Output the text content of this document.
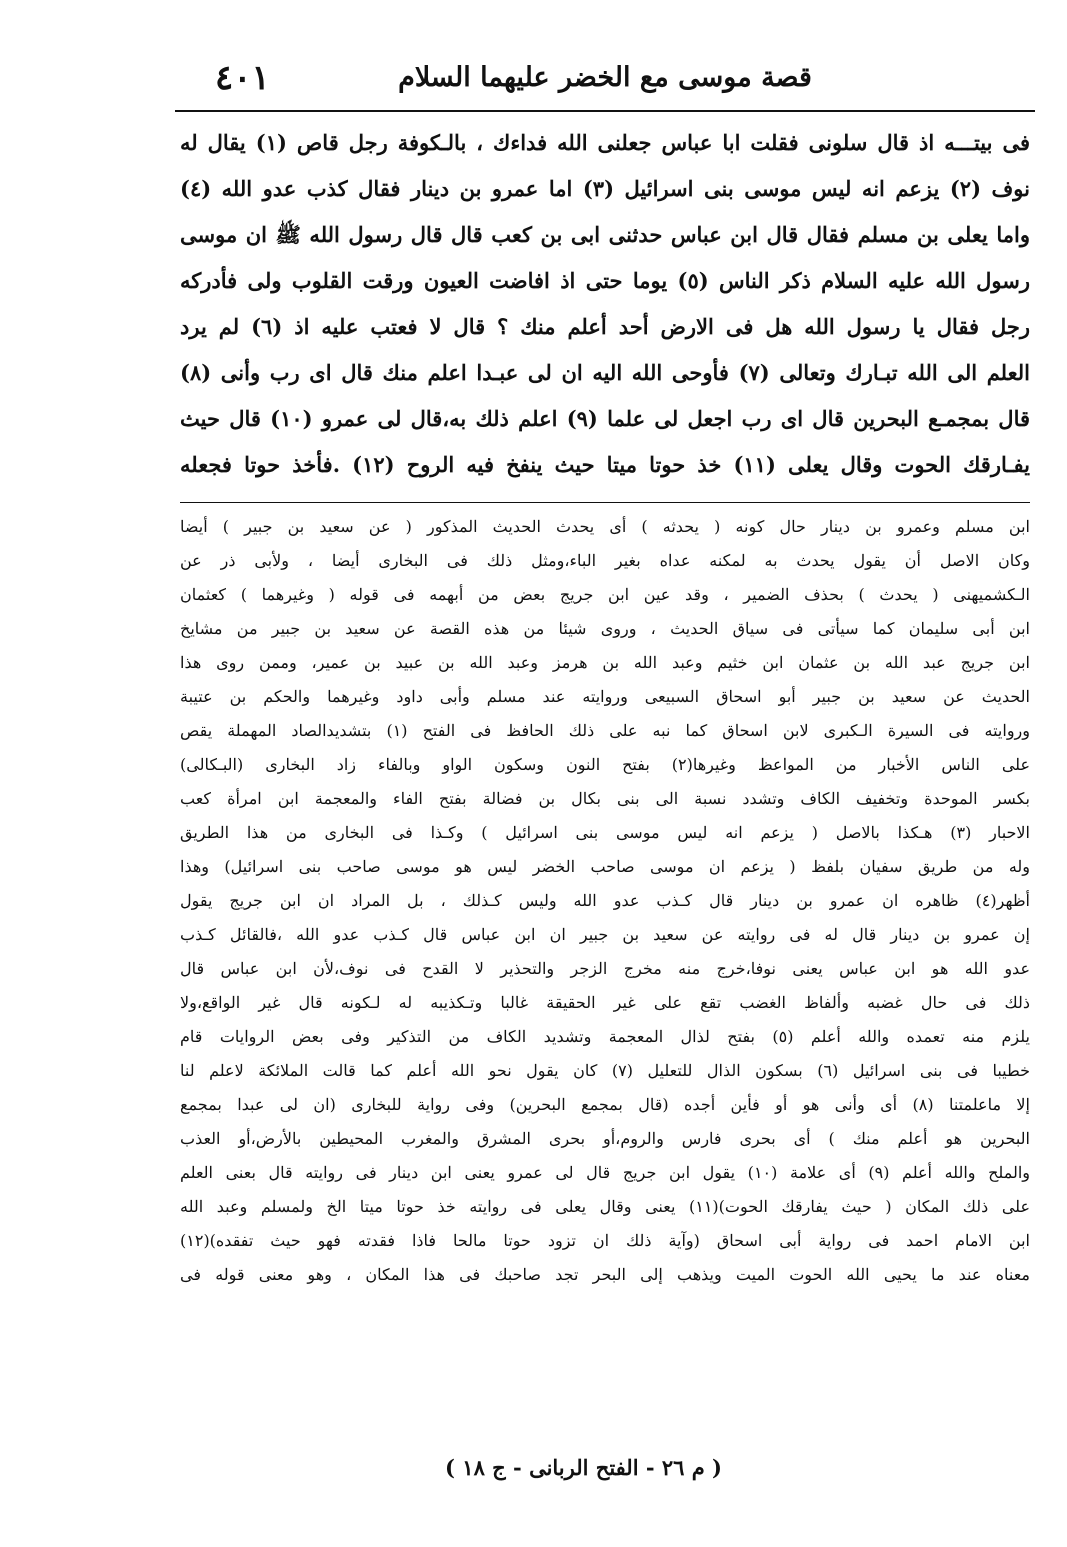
قصة موسى مع الخضر عليهما السلام
٤٠١
فى بيتـــه اذ قال سلونى فقلت ابا عباس جعلنى الله فداءك ، بالـكوفة رجل قاص (١) يقال له
نوف (٢) يزعم انه ليس موسى بنى اسرائيل (٣) اما عمرو بن دينار فقال كذب عدو الله (٤)
واما يعلى بن مسلم فقال قال ابن عباس حدثنى ابى بن كعب قال قال رسول الله ﷺ ان موسى
رسول الله عليه السلام ذكر الناس (٥) يوما حتى اذ افاضت العيون ورقت القلوب ولى فأدركه
رجل فقال يا رسول الله هل فى الارض أحد أعلم منك ؟ قال لا فعتب عليه اذ (٦) لم يرد
العلم الى الله تبـارك وتعالى (٧) فأوحى الله اليه ان لى عبـدا اعلم منك قال اى رب وأنى (٨)
قال بمجمـع البحرين قال اى رب اجعل لى علما (٩) اعلم ذلك به،قال لى عمرو (١٠) قال حيث
يفـارقك الحوت وقال يعلى (١١) خذ حوتا ميتا حيث ينفخ فيه الروح (١٢) .فأخذ حوتا فجعله
ابن مسلم وعمرو بن دينار حال كونه ( يحدثه ) أى يحدث الحديث المذكور ( عن سعيد بن جبير ) أيضا
وكان الاصل أن يقول يحدث به لمكنه عداه بغير الباء،ومثل ذلك فى البخارى أيضا ، ولأبى ذر عن
الـكشميهنى ( يحدث ) بحذف الضمير ، وقد عين ابن جريج بعض من أبهمه فى قوله ( وغيرهما ) كعثمان
ابن أبى سليمان كما سيأتى فى سياق الحديث ، وروى شيئا من هذه القصة عن سعيد بن جبير من مشايخ
ابن جريج عبد الله بن عثمان ابن خثيم وعبد الله بن هرمز وعبد الله بن عبيد بن عمير، وممن روى هذا
الحديث عن سعيد بن جبير أبو اسحاق السبيعى وروايته عند مسلم وأبى داود وغيرهما والحكم بن عتيبة
وروايته فى السيرة الـكبرى لابن اسحاق كما نبه على ذلك الحافظ فى الفتح (١) بتشديدالصاد المهملة يقص
على الناس الأخبار من المواعظ وغيرها(٢) بفتح النون وسكون الواو وبالفاء زاد البخارى (البـكالى)
بكسر الموحدة وتخفيف الكاف وتشدد نسبة الى بنى بكال بن فضالة بفتح الفاء والمعجمة ابن امرأة كعب
الاحبار (٣) هـكذا بالاصل ( يزعم انه ليس موسى بنى اسرائيل ) وكـذا فى البخارى من هذا الطريق
وله من طريق سفيان بلفظ ( يزعم ان موسى صاحب الخضر ليس هو موسى صاحب بنى اسرائيل) وهذا
أظهر(٤) ظاهره ان عمرو بن دينار قال كـذب عدو الله وليس كـذلك ، بل المراد ان ابن جريج يقول
إن عمرو بن دينار قال له فى روايته عن سعيد بن جبير ان ابن عباس قال كـذب عدو الله ،فالقائل كـذب
عدو الله هو ابن عباس يعنى نوفا،خرج منه مخرج الزجر والتحذير لا القدح فى نوف،لأن ابن عباس قال
ذلك فى حال غضبه وألفاظ الغضب تقع على غير الحقيقة غالبا وتـكذيبه له لـكونه قال غير الواقع،ولا
يلزم منه تعمده والله أعلم (٥) بفتح لذال المعجمة وتشديد الكاف من التذكير وفى بعض الروايات قام
خطيبا فى بنى اسرائيل (٦) بسكون الذال للتعليل (٧) كان يقول نحو الله أعلم كما قالت الملائكة لاعلم لنا
إلا ماعلمتنا (٨) أى وأنى هو أو فأين أجده (قال بمجمع البحرين) وفى رواية للبخارى (ان لى عبدا بمجمع
البحرين هو أعلم منك ) أى بحرى فارس والروم،أو بحرى المشرق والمغرب المحيطين بالأرض،أو العذب
والملح والله أعلم (٩) أى علامة (١٠) يقول ابن جريج قال لى عمرو يعنى ابن دينار فى روايته قال بعنى العلم
على ذلك المكان ( حيث يفارقك الحوت)(١١) يعنى وقال يعلى فى روايته خذ حوتا ميتا الخ ولمسلم وعبد الله
ابن الامام احمد فى رواية أبى اسحاق (وآية ذلك ان تزود حوتا مالحا فاذا فقدته فهو حيث تفقده)(١٢)
معناه عند ما يحيى الله الحوت الميت ويذهب إلى البحر تجد صاحبك فى هذا المكان ، وهو معنى قوله فى
( م ٢٦ - الفتح الربانى - ج ١٨ )
